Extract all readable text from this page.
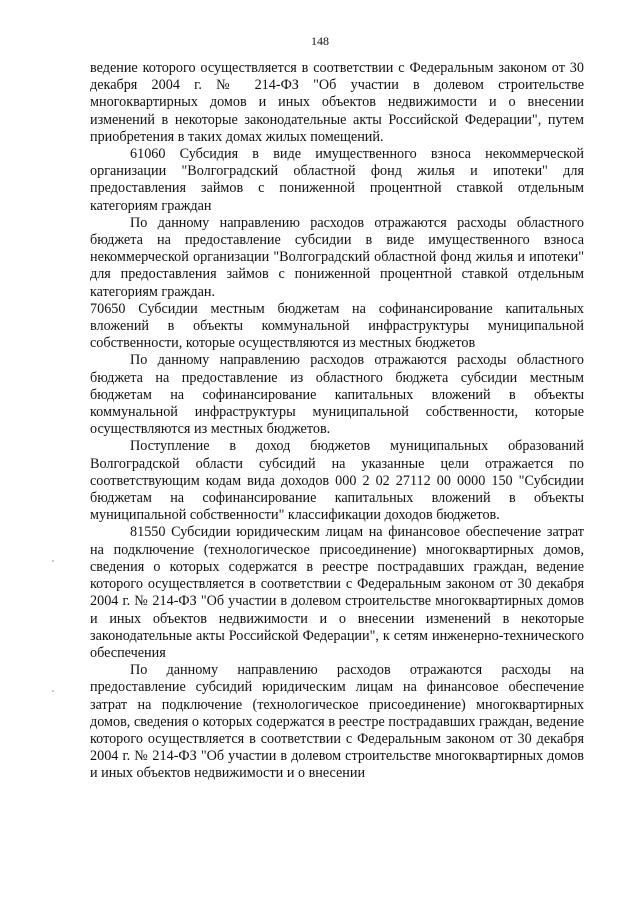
148

ведение которого осуществляется в соответствии с Федеральным законом от 30 декабря 2004 г. № 214-ФЗ "Об участии в долевом строительстве многоквартирных домов и иных объектов недвижимости и о внесении изменений в некоторые законодательные акты Российской Федерации", путем приобретения в таких домах жилых помещений.

61060 Субсидия в виде имущественного взноса некоммерческой организации "Волгоградский областной фонд жилья и ипотеки" для предоставления займов с пониженной процентной ставкой отдельным категориям граждан

По данному направлению расходов отражаются расходы областного бюджета на предоставление субсидии в виде имущественного взноса некоммерческой организации "Волгоградский областной фонд жилья и ипотеки" для предоставления займов с пониженной процентной ставкой отдельным категориям граждан.

70650 Субсидии местным бюджетам на софинансирование капитальных вложений в объекты коммунальной инфраструктуры муниципальной собственности, которые осуществляются из местных бюджетов

По данному направлению расходов отражаются расходы областного бюджета на предоставление из областного бюджета субсидии местным бюджетам на софинансирование капитальных вложений в объекты коммунальной инфраструктуры муниципальной собственности, которые осуществляются из местных бюджетов.

Поступление в доход бюджетов муниципальных образований Волгоградской области субсидий на указанные цели отражается по соответствующим кодам вида доходов 000 2 02 27112 00 0000 150 "Субсидии бюджетам на софинансирование капитальных вложений в объекты муниципальной собственности" классификации доходов бюджетов.

81550 Субсидии юридическим лицам на финансовое обеспечение затрат на подключение (технологическое присоединение) многоквартирных домов, сведения о которых содержатся в реестре пострадавших граждан, ведение которого осуществляется в соответствии с Федеральным законом от 30 декабря 2004 г. № 214-ФЗ "Об участии в долевом строительстве многоквартирных домов и иных объектов недвижимости и о внесении изменений в некоторые законодательные акты Российской Федерации", к сетям инженерно-технического обеспечения

По данному направлению расходов отражаются расходы на предоставление субсидий юридическим лицам на финансовое обеспечение затрат на подключение (технологическое присоединение) многоквартирных домов, сведения о которых содержатся в реестре пострадавших граждан, ведение которого осуществляется в соответствии с Федеральным законом от 30 декабря 2004 г. № 214-ФЗ "Об участии в долевом строительстве многоквартирных домов и иных объектов недвижимости и о внесении
